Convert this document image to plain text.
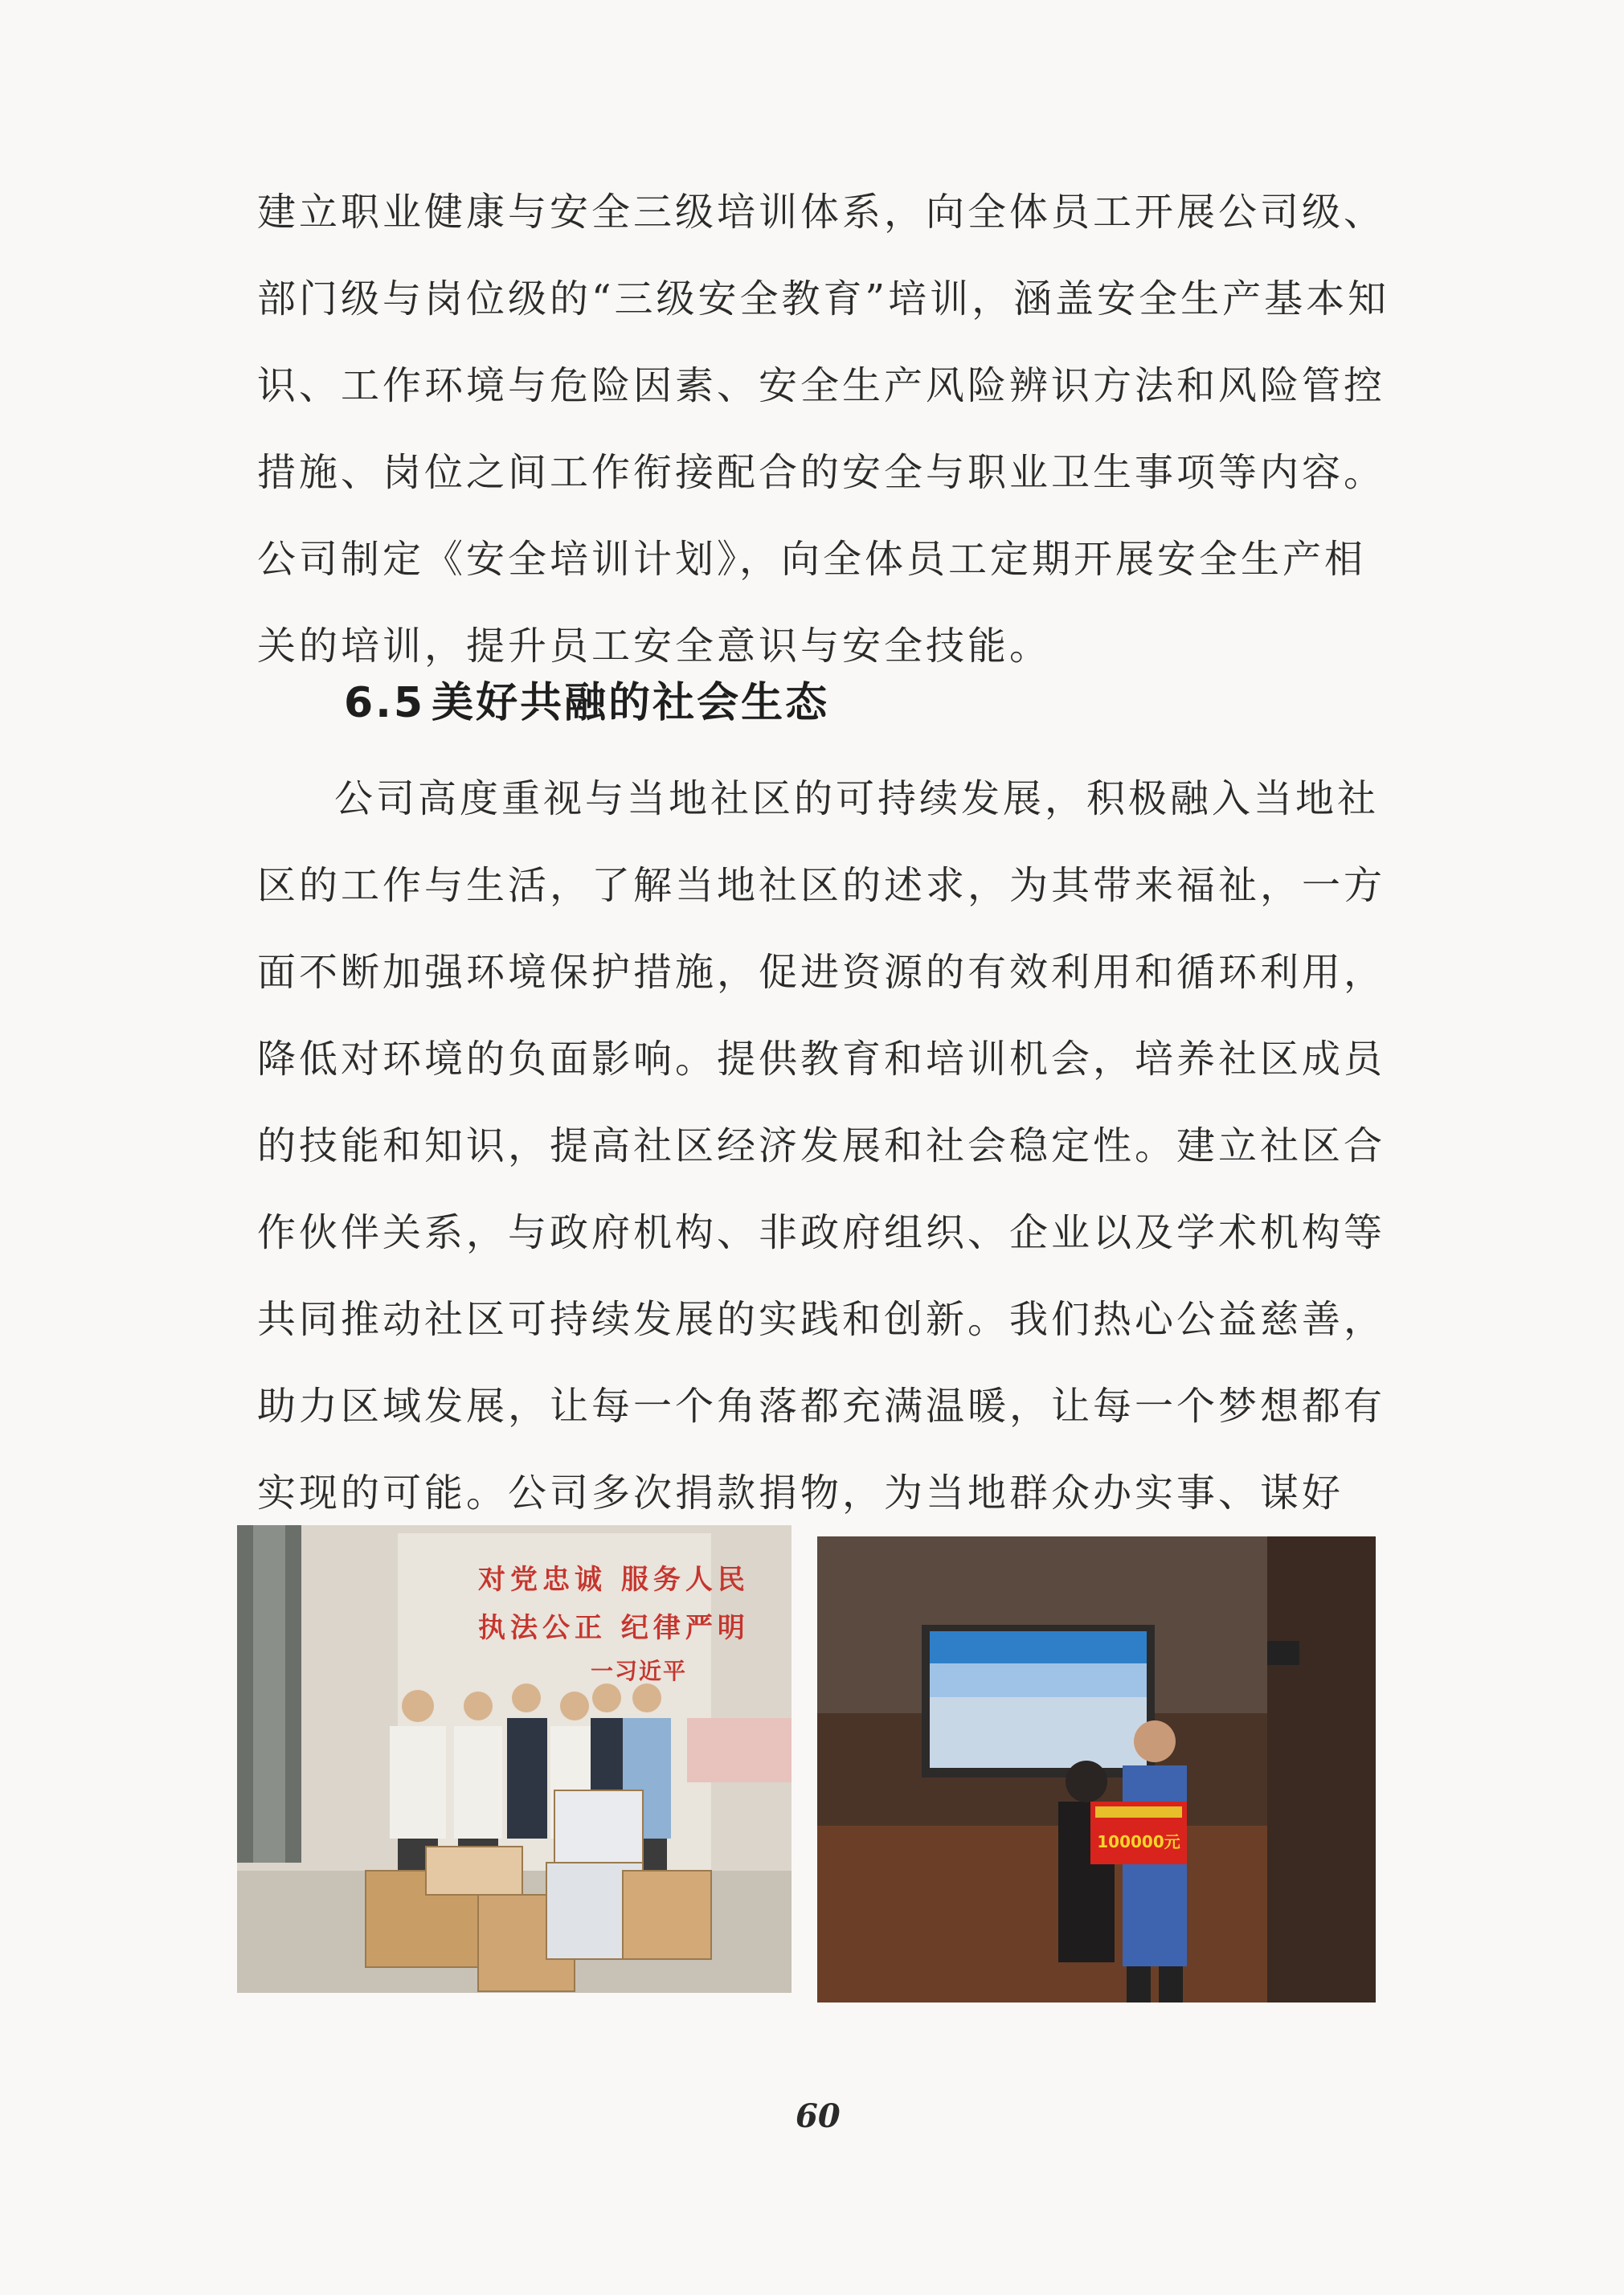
建立职业健康与安全三级培训体系，向全体员工开展公司级、部门级与岗位级的“三级安全教育”培训，涵盖安全生产基本知识、工作环境与危险因素、安全生产风险辨识方法和风险管控措施、岗位之间工作衔接配合的安全与职业卫生事项等内容。公司制定《安全培训计划》，向全体员工定期开展安全生产相关的培训，提升员工安全意识与安全技能。

6.5 美好共融的社会生态

公司高度重视与当地社区的可持续发展，积极融入当地社区的工作与生活，了解当地社区的述求，为其带来福祉，一方面不断加强环境保护措施，促进资源的有效利用和循环利用，降低对环境的负面影响。提供教育和培训机会，培养社区成员的技能和知识，提高社区经济发展和社会稳定性。建立社区合作伙伴关系，与政府机构、非政府组织、企业以及学术机构等共同推动社区可持续发展的实践和创新。我们热心公益慈善，助力区域发展，让每一个角落都充满温暖，让每一个梦想都有实现的可能。公司多次捐款捐物，为当地群众办实事、谋好

对党忠诚 服务人民
执法公正 纪律严明
一习近平
100000元
60
